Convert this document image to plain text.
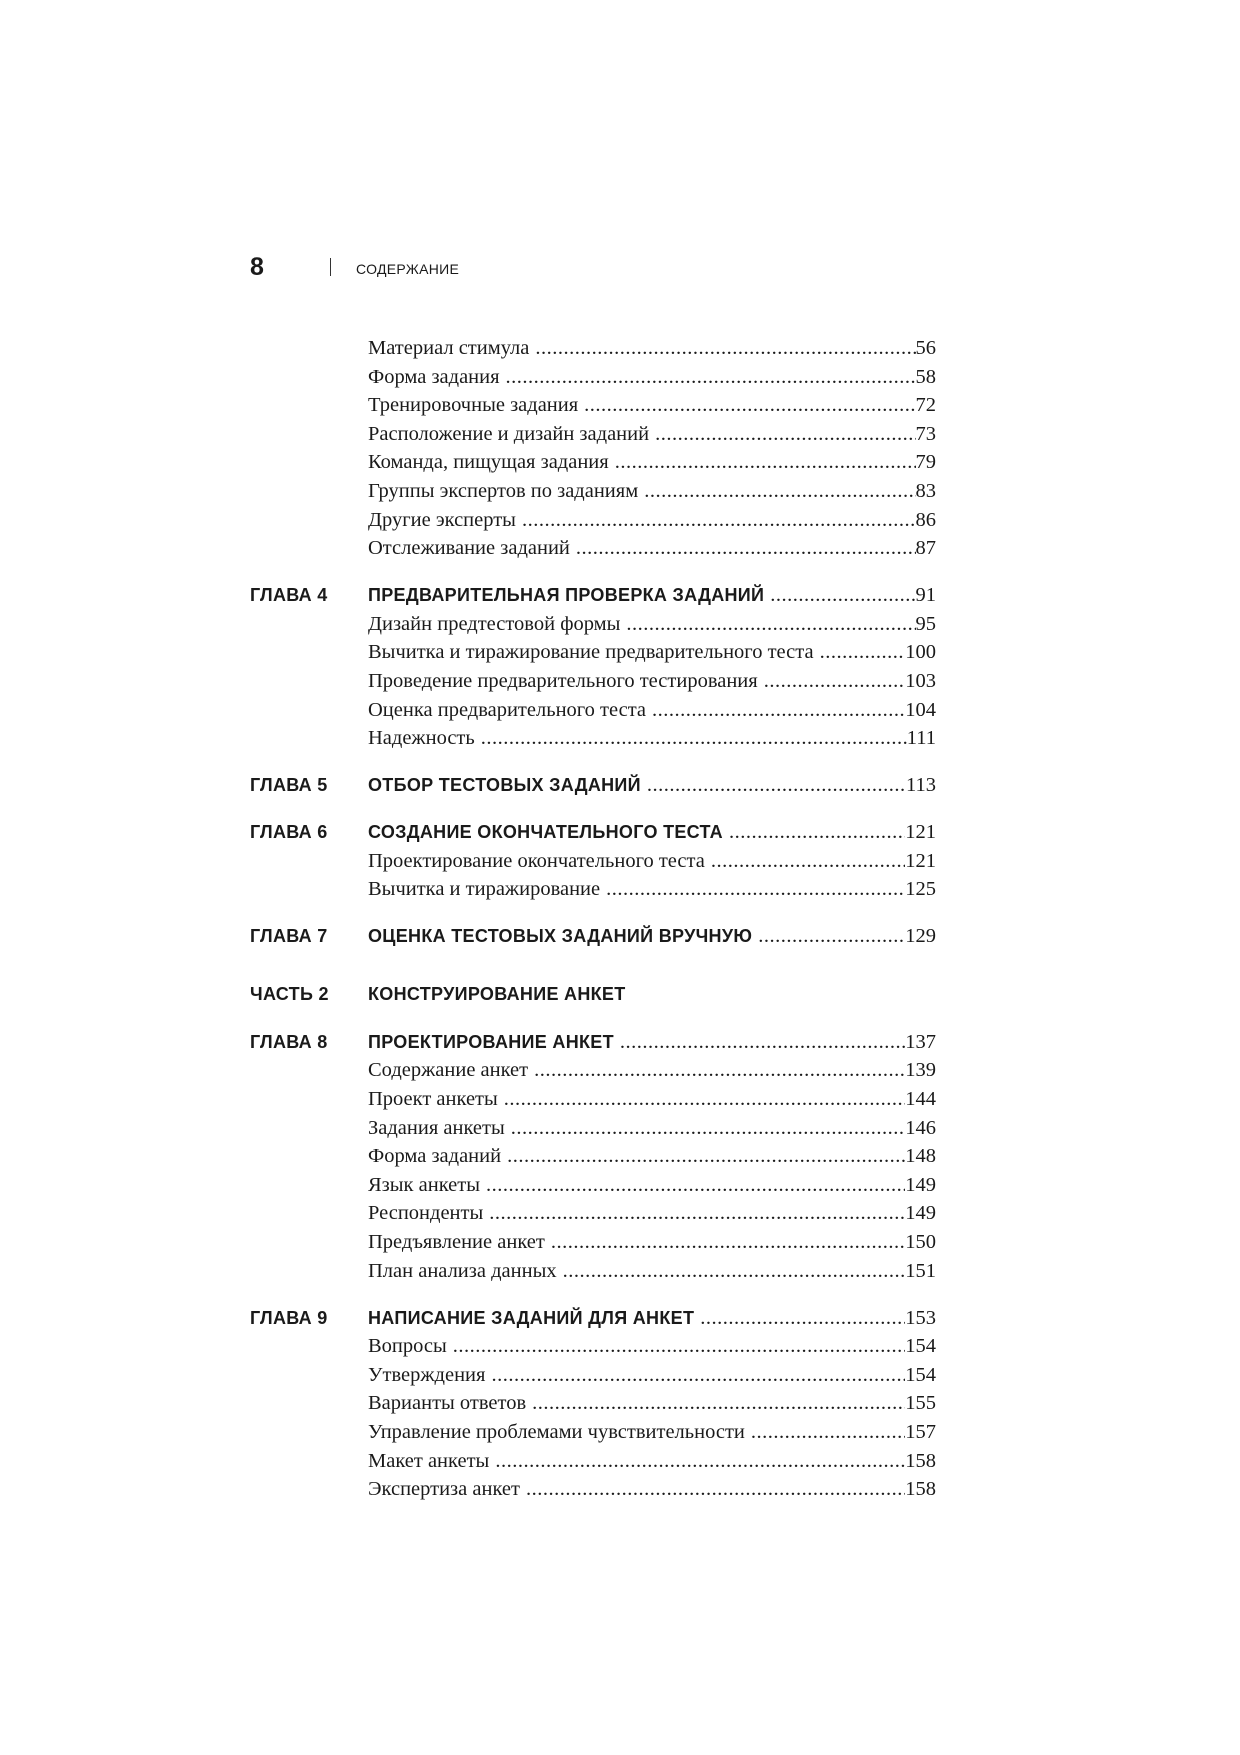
8	СОДЕРЖАНИЕ
Материал стимула .....	56
Форма задания .....	58
Тренировочные задания .....	72
Расположение и дизайн заданий .....	73
Команда, пищущая задания .....	79
Группы экспертов по заданиям .....	83
Другие эксперты .....	86
Отслеживание заданий .....	87
ГЛАВА 4	ПРЕДВАРИТЕЛЬНАЯ ПРОВЕРКА ЗАДАНИЙ .....	91
Дизайн предтестовой формы .....	95
Вычитка и тиражирование предварительного теста .....	100
Проведение предварительного тестирования .....	103
Оценка предварительного теста .....	104
Надежность .....	111
ГЛАВА 5	ОТБОР ТЕСТОВЫХ ЗАДАНИЙ .....	113
ГЛАВА 6	СОЗДАНИЕ ОКОНЧАТЕЛЬНОГО ТЕСТА .....	121
Проектирование окончательного теста .....	121
Вычитка и тиражирование .....	125
ГЛАВА 7	ОЦЕНКА ТЕСТОВЫХ ЗАДАНИЙ ВРУЧНУЮ .....	129
ЧАСТЬ 2	КОНСТРУИРОВАНИЕ АНКЕТ
ГЛАВА 8	ПРОЕКТИРОВАНИЕ АНКЕТ .....	137
Содержание анкет .....	139
Проект анкеты .....	144
Задания анкеты .....	146
Форма заданий .....	148
Язык анкеты .....	149
Респонденты .....	149
Предъявление анкет .....	150
План анализа данных .....	151
ГЛАВА 9	НАПИСАНИЕ ЗАДАНИЙ ДЛЯ АНКЕТ .....	153
Вопросы .....	154
Утверждения .....	154
Варианты ответов .....	155
Управление проблемами чувствительности .....	157
Макет анкеты .....	158
Экспертиза анкет .....	158
